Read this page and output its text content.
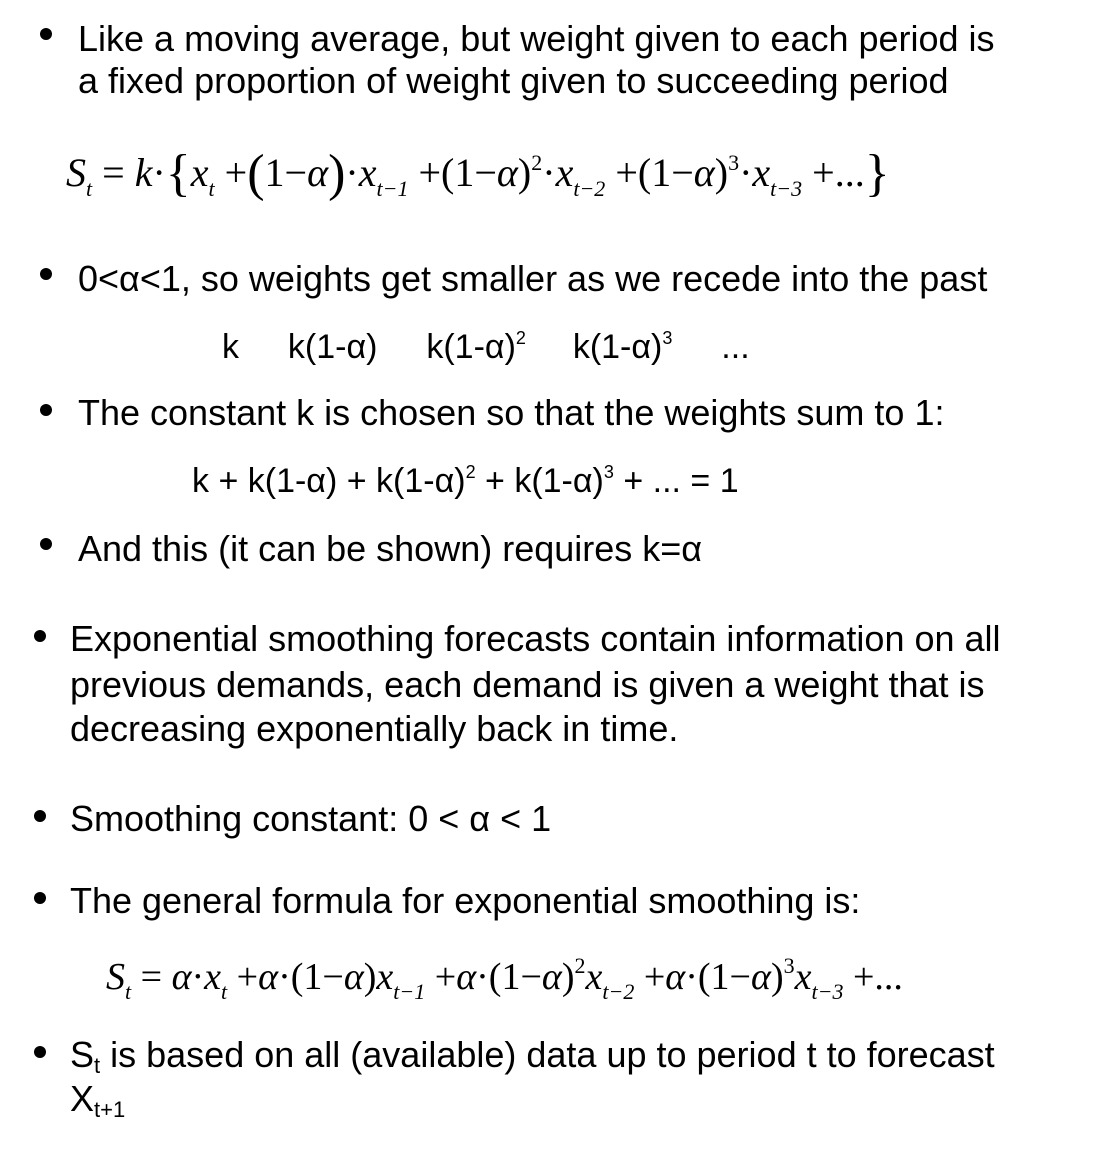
Like a moving average, but weight given to each period is
a fixed proportion of weight given to succeeding period
$S_t = k\cdot\{x_t +(1-\alpha)\cdot x_{t-1} +(1-\alpha)^2\cdot x_{t-2} +(1-\alpha)^3\cdot x_{t-3}$ +...}
0<α<1, so weights get smaller as we recede into the past
k k(1-α) $k(1-\alpha)^2$ $k(1-\alpha)^3$ ...
The constant k is chosen so that the weights sum to 1:
$k + k(1-\alpha) + k(1-\alpha)^2 + k(1-\alpha)^3$ + ... = 1
And this (it can be shown) requires k=α
Exponential smoothing forecasts contain information on all
previous demands, each demand is given a weight that is
decreasing exponentially back in time.
Smoothing constant: 0 < α < 1
The general formula for exponential smoothing is:
$S_t = \alpha\cdot x_t +\alpha\cdot(1-\alpha)x_{t-1} +\alpha\cdot(1-\alpha)^2x_{t-2} +\alpha\cdot(1-\alpha)^3x_{t-3}$ +...
St is based on all (available) data up to period t to forecast
Xt+1
